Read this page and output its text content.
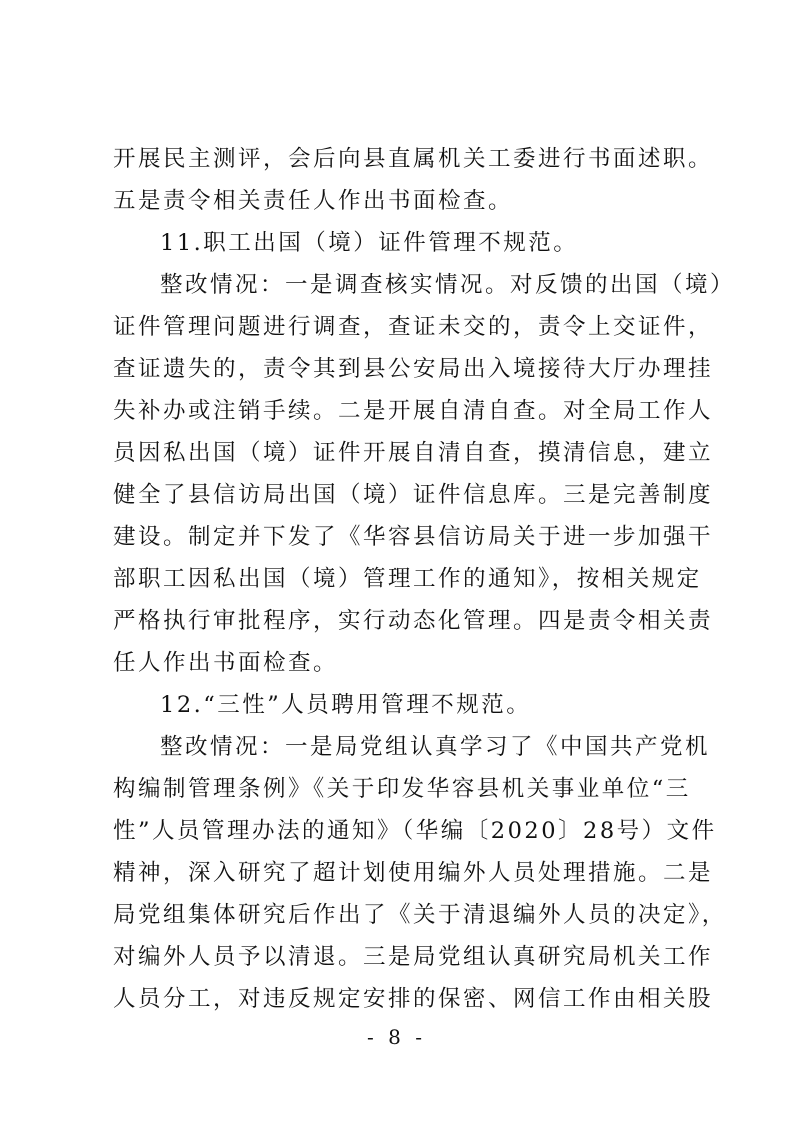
开展民主测评，会后向县直属机关工委进行书面述职。
五是责令相关责任人作出书面检查。
11.职工出国（境）证件管理不规范。
整改情况：一是调查核实情况。对反馈的出国（境）
证件管理问题进行调查，查证未交的，责令上交证件，
查证遗失的，责令其到县公安局出入境接待大厅办理挂
失补办或注销手续。二是开展自清自查。对全局工作人
员因私出国（境）证件开展自清自查，摸清信息，建立
健全了县信访局出国（境）证件信息库。三是完善制度
建设。制定并下发了《华容县信访局关于进一步加强干
部职工因私出国（境）管理工作的通知》，按相关规定
严格执行审批程序，实行动态化管理。四是责令相关责
任人作出书面检查。
12.“三性”人员聘用管理不规范。
整改情况：一是局党组认真学习了《中国共产党机
构编制管理条例》《关于印发华容县机关事业单位“三
性”人员管理办法的通知》（华编〔2020〕28号）文件
精神，深入研究了超计划使用编外人员处理措施。二是
局党组集体研究后作出了《关于清退编外人员的决定》，
对编外人员予以清退。三是局党组认真研究局机关工作
人员分工，对违反规定安排的保密、网信工作由相关股
- 8 -
